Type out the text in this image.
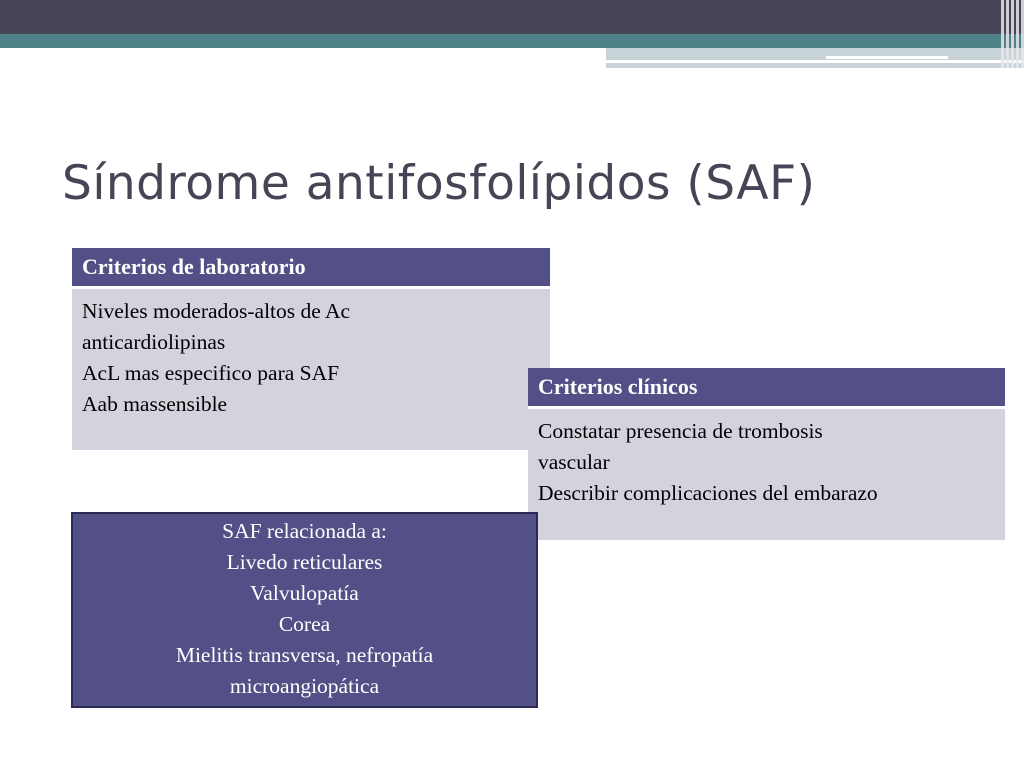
Síndrome antifosfolípidos (SAF)
Criterios de laboratorio
Niveles moderados-altos de Ac
anticardiolipinas
AcL mas especifico para SAF
Aab massensible
Criterios clínicos
Constatar presencia de trombosis
vascular
Describir complicaciones del embarazo
SAF relacionada a:
Livedo reticulares
Valvulopatía
Corea
Mielitis transversa, nefropatía
microangiopática
